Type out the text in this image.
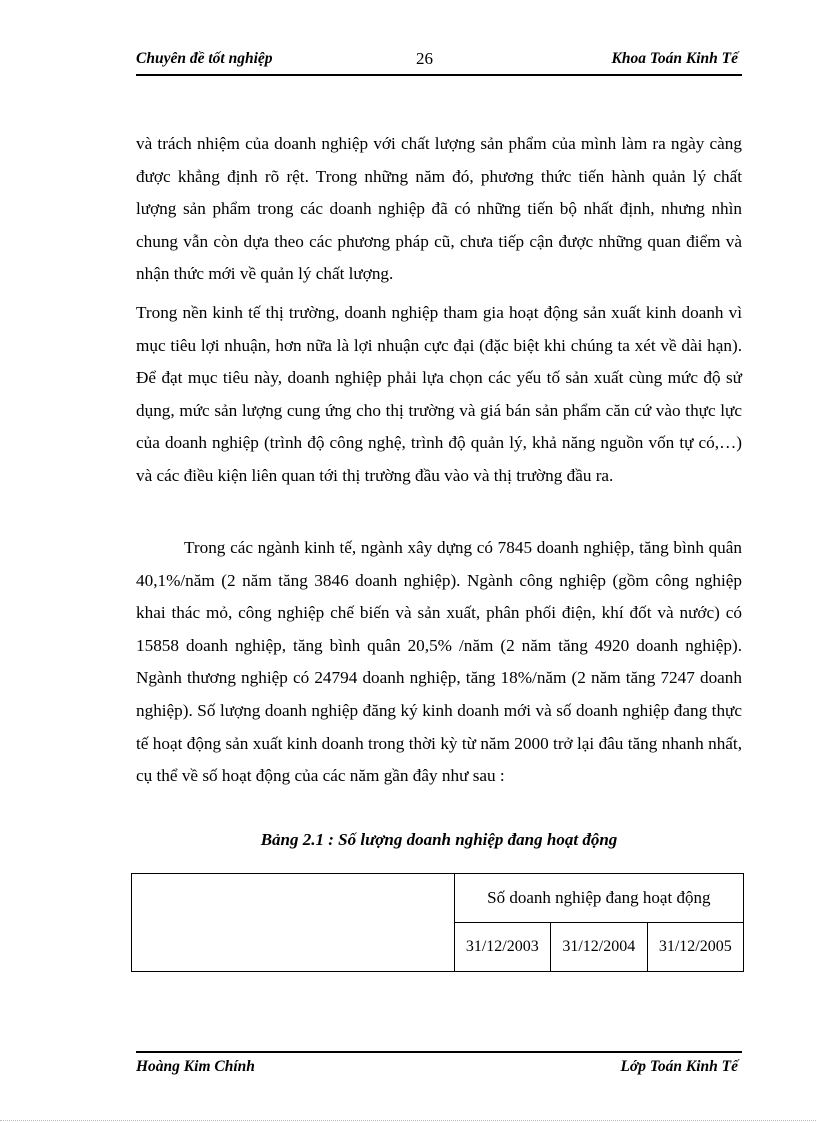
Chuyên đề tốt nghiệp	26	Khoa Toán Kinh Tế
và trách nhiệm của doanh nghiệp với chất lượng sản phẩm của mình làm ra ngày càng được khẳng định rõ rệt. Trong những năm đó, phương thức tiến hành quản lý chất lượng sản phẩm trong các doanh nghiệp đã có những tiến bộ nhất định, nhưng nhìn chung vẫn còn dựa theo các phương pháp cũ, chưa tiếp cận được những quan điểm và nhận thức mới về quản lý chất lượng.
Trong nền kinh tế thị trường, doanh nghiệp tham gia hoạt động sản xuất kinh doanh vì mục tiêu lợi nhuận, hơn nữa là lợi nhuận cực đại (đặc biệt khi chúng ta xét về dài hạn). Để đạt mục tiêu này, doanh nghiệp phải lựa chọn các yếu tố sản xuất cùng mức độ sử dụng, mức sản lượng cung ứng cho thị trường và giá bán sản phẩm căn cứ vào thực lực của doanh nghiệp (trình độ công nghệ, trình độ quản lý, khả năng nguồn vốn tự có,…) và các điều kiện liên quan tới thị trường đầu vào và thị trường đầu ra.
Trong các ngành kinh tế, ngành xây dựng có 7845 doanh nghiệp, tăng bình quân 40,1%/năm (2 năm tăng 3846 doanh nghiệp). Ngành công nghiệp (gồm công nghiệp khai thác mỏ, công nghiệp chế biến và sản xuất, phân phối điện, khí đốt và nước) có 15858 doanh nghiệp, tăng bình quân 20,5% /năm (2 năm tăng 4920 doanh nghiệp). Ngành thương nghiệp có 24794 doanh nghiệp, tăng 18%/năm (2 năm tăng 7247 doanh nghiệp). Số lượng doanh nghiệp đăng ký kinh doanh mới và số doanh nghiệp đang thực tế hoạt động sản xuất kinh doanh trong thời kỳ từ năm 2000 trở lại đâu tăng nhanh nhất, cụ thể về số hoạt động của các năm gần đây như sau :
Bảng 2.1 : Số lượng doanh nghiệp đang hoạt động
	Số doanh nghiệp đang hoạt động		
	31/12/2003	31/12/2004	31/12/2005
Hoàng Kim Chính	Lớp Toán Kinh Tế
